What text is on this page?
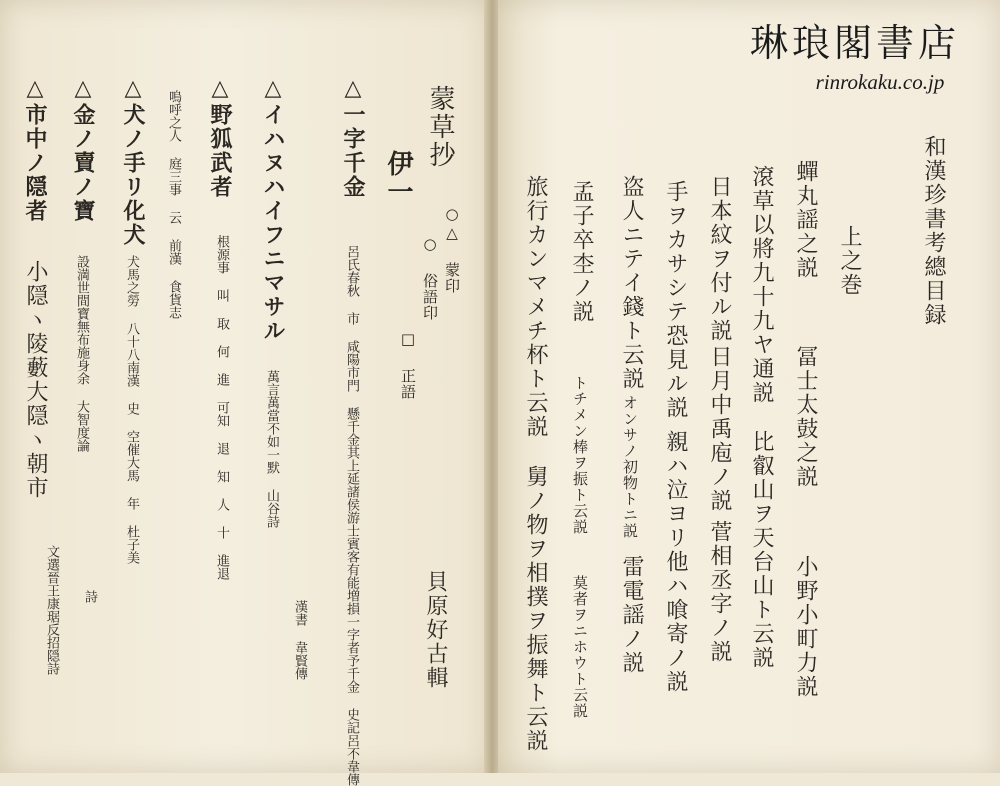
蒙草抄
伊一
○△ 蒙印
○ 俗語印
□ 正語
貝原好古輯
△一字千金
呂氏春秋 市 咸陽市門 懸千金其上延諸侯游士賓客有能増損一字者予千金 史記呂不韋傳
漢書 韋賢傳
△イハヌハイフニマサル
萬言萬當不如一默 山谷詩
△野狐武者
根源事 叫 取 何 進 可知 退 知 人 十 進退
嗚呼之人 庭三事 云 前漢 食貨志
△犬ノ手リ化犬
犬馬之勞 八十八南漢 史 空催大馬 年 杜子美
詩
△金ノ賣ノ寶
設満世間寶無布施身余 大智度論
△市中ノ隠者
小隠ヽ陵藪大隠ヽ朝市
文選晉王康琚反招隠詩
和漢珍書考總目録
上之巻
蟬丸謡之説
冨士太鼓之説
小野小町力説
滾草以將九十九ヤ通説
比叡山ヲ天台山ト云説
日本紋ヲ付ル説
日月中禹庖ノ説
菅相丞字ノ説
手ヲカサシテ恐見ル説
親ハ泣ヨリ他ハ喰寄ノ説
盗人ニテイ錢ト云説
オンサノ初物トニ説
雷電謡ノ説
孟子卒杢ノ説
トチメン棒ヲ振ト云説
莫者ヲニホウト云説
旅行カンマメチ杯ト云説
舅ノ物ヲ相撲ヲ振舞ト云説
琳琅閣書店
rinrokaku.co.jp
